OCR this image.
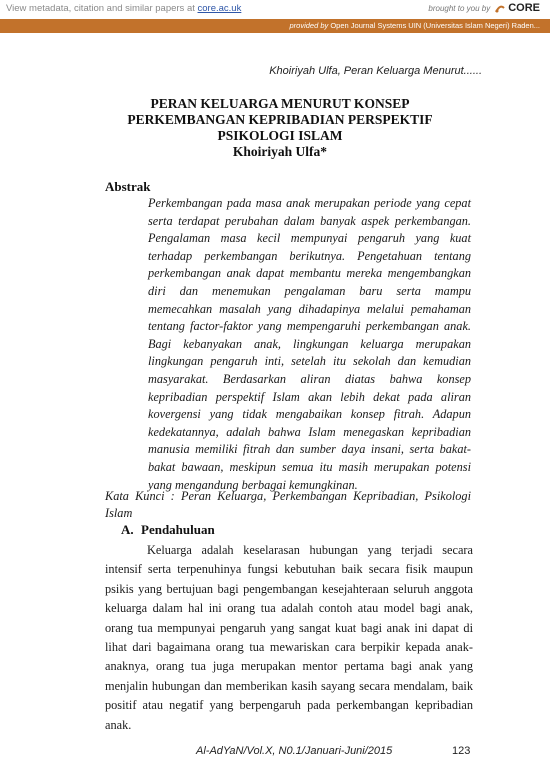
View metadata, citation and similar papers at core.ac.uk	brought to you by CORE
provided by Open Journal Systems UIN (Universitas Islam Negeri) Raden...
Khoiriyah Ulfa, Peran Keluarga Menurut......
PERAN KELUARGA MENURUT KONSEP
PERKEMBANGAN KEPRIBADIAN PERSPEKTIF
PSIKOLOGI ISLAM
Khoiriyah Ulfa*
Abstrak
Perkembangan pada masa anak merupakan periode yang cepat serta terdapat perubahan dalam banyak aspek perkembangan. Pengalaman masa kecil mempunyai pengaruh yang kuat terhadap perkembangan berikutnya. Pengetahuan tentang perkembangan anak dapat membantu mereka mengembangkan diri dan menemukan pengalaman baru serta mampu memecahkan masalah yang dihadapinya melalui pemahaman tentang factor-faktor yang mempengaruhi perkembangan anak. Bagi kebanyakan anak, lingkungan keluarga merupakan lingkungan pengaruh inti, setelah itu sekolah dan kemudian masyarakat. Berdasarkan aliran diatas bahwa konsep kepribadian perspektif Islam akan lebih dekat pada aliran kovergensi yang tidak mengabaikan konsep fitrah. Adapun kedekatannya, adalah bahwa Islam menegaskan kepribadian manusia memiliki fitrah dan sumber daya insani, serta bakat-bakat bawaan, meskipun semua itu masih merupakan potensi yang mengandung berbagai kemungkinan.
Kata Kunci : Peran Keluarga, Perkembangan Kepribadian, Psikologi Islam
A. Pendahuluan
Keluarga adalah keselarasan hubungan yang terjadi secara intensif serta terpenuhinya fungsi kebutuhan baik secara fisik maupun psikis yang bertujuan bagi pengembangan kesejahteraan seluruh anggota keluarga dalam hal ini orang tua adalah contoh atau model bagi anak, orang tua mempunyai pengaruh yang sangat kuat bagi anak ini dapat di lihat dari bagaimana orang tua mewariskan cara berpikir kepada anak-anaknya, orang tua juga merupakan mentor pertama bagi anak yang menjalin hubungan dan memberikan kasih sayang secara mendalam, baik positif atau negatif yang berpengaruh pada perkembangan kepribadian anak.
Al-AdYaN/Vol.X, N0.1/Januari-Juni/2015	123
